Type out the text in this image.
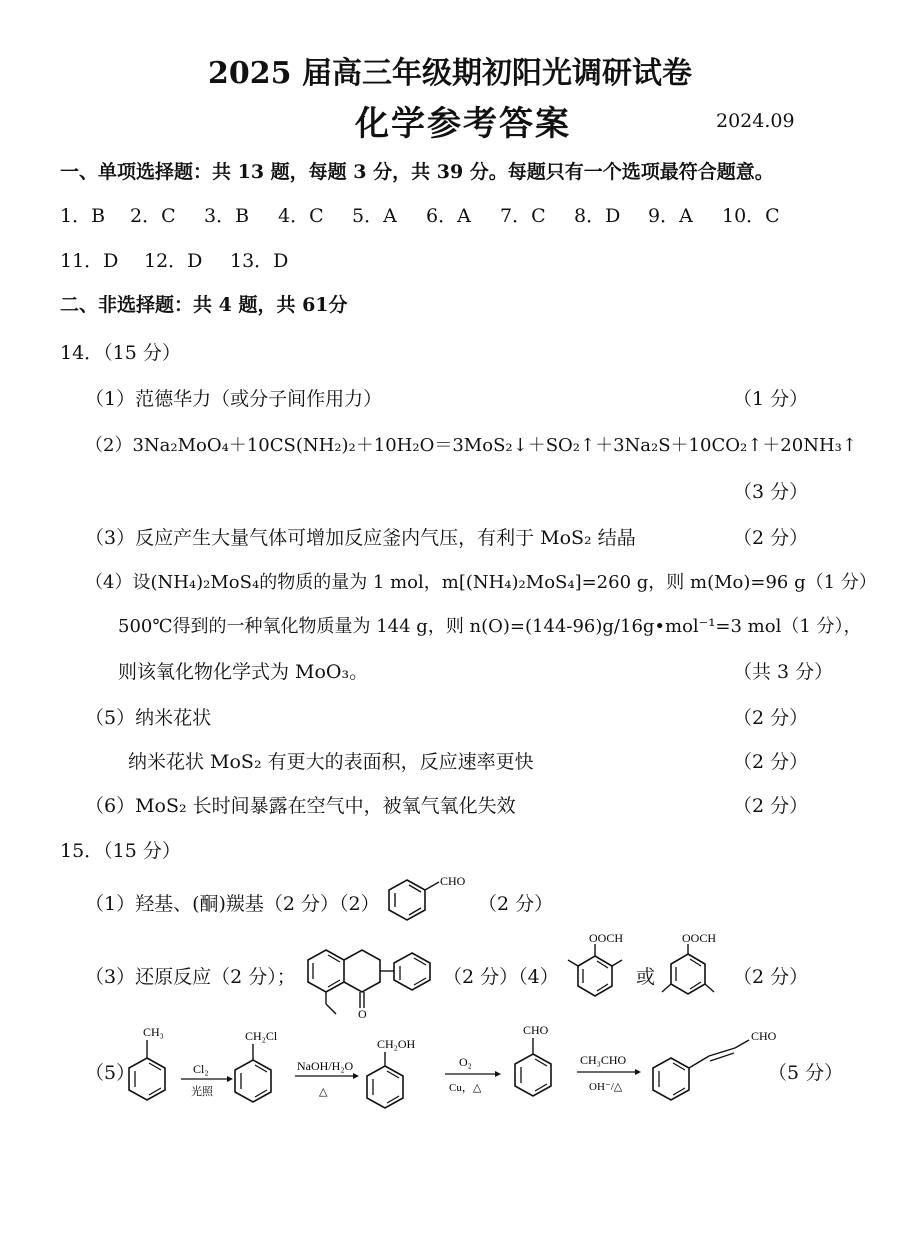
2025 届高三年级期初阳光调研试卷
化学参考答案	2024.09
一、单项选择题：共 13 题，每题 3 分，共 39 分。每题只有一个选项最符合题意。
1．B 2．C 3．B 4．C 5．A 6．A 7．C 8．D 9．A 10．C
11．D 12．D 13．D
二、非选择题：共 4 题，共 61分
14．（15 分）
（1）范德华力（或分子间作用力）	（1 分）
（2）3Na₂MoO₄＋10CS(NH₂)₂＋10H₂O＝3MoS₂↓＋SO₂↑＋3Na₂S＋10CO₂↑＋20NH₃↑
（3 分）
（3）反应产生大量气体可增加反应釜内气压，有利于 MoS₂ 结晶	（2 分）
（4）设(NH₄)₂MoS₄的物质的量为 1 mol，m[(NH₄)₂MoS₄]=260 g，则 m(Mo)=96 g（1 分）
500℃得到的一种氧化物质量为 144 g，则 n(O)=(144-96)g/16g•mol⁻¹=3 mol（1 分），
则该氧化物化学式为 MoO₃。	（共 3 分）
（5）纳米花状	（2 分）
纳米花状 MoS₂ 有更大的表面积，反应速率更快	（2 分）
（6）MoS₂ 长时间暴露在空气中，被氧气氧化失效	（2 分）
15．（15 分）
（1）羟基、(酮)羰基（2 分）（2）
CHO
（2 分）
（3）还原反应（2 分）；
O
（2 分）（4）
OOCH
或
OOCH
（2 分）
（5）
CH₃
Cl₂
光照
CH₂Cl
NaOH/H₂O
△
CH₂OH
O₂
Cu，△
CHO
CH₃CHO
OH⁻/△
CHO
（5 分）
